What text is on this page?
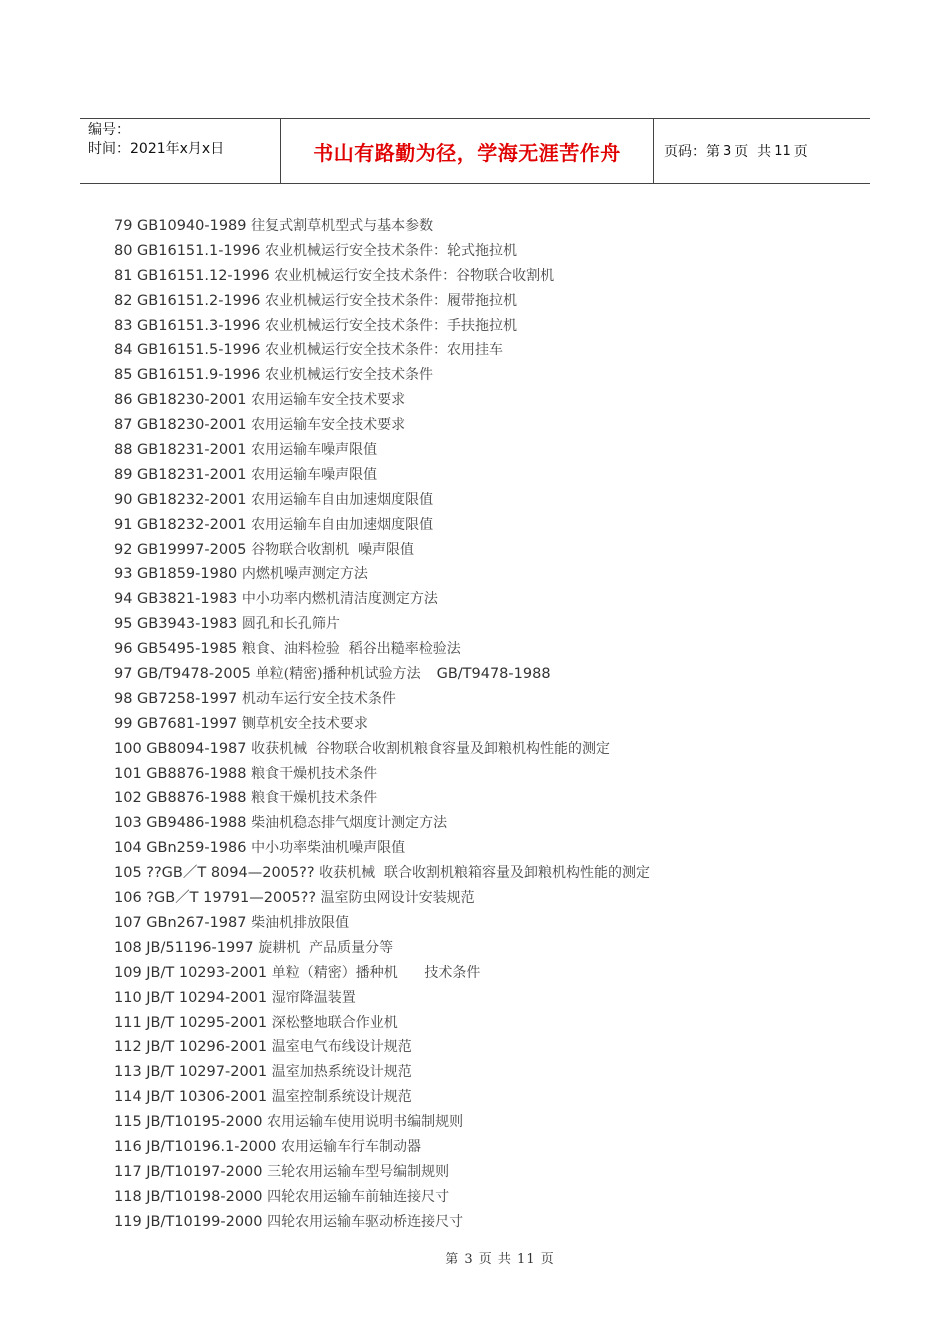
编号：
时间：2021年x月x日	书山有路勤为径，学海无涯苦作舟	页码：第 3 页  共 11 页
79 GB10940-1989 往复式割草机型式与基本参数
80 GB16151.1-1996 农业机械运行安全技术条件：轮式拖拉机
81 GB16151.12-1996 农业机械运行安全技术条件：谷物联合收割机
82 GB16151.2-1996 农业机械运行安全技术条件：履带拖拉机
83 GB16151.3-1996 农业机械运行安全技术条件：手扶拖拉机
84 GB16151.5-1996 农业机械运行安全技术条件：农用挂车
85 GB16151.9-1996 农业机械运行安全技术条件
86 GB18230-2001 农用运输车安全技术要求
87 GB18230-2001 农用运输车安全技术要求
88 GB18231-2001 农用运输车噪声限值
89 GB18231-2001 农用运输车噪声限值
90 GB18232-2001 农用运输车自由加速烟度限值
91 GB18232-2001 农用运输车自由加速烟度限值
92 GB19997-2005 谷物联合收割机  噪声限值
93 GB1859-1980 内燃机噪声测定方法
94 GB3821-1983 中小功率内燃机清洁度测定方法
95 GB3943-1983 圆孔和长孔筛片
96 GB5495-1985 粮食、油料检验  稻谷出糙率检验法
97 GB/T9478-2005 单粒(精密)播种机试验方法 GB/T9478-1988
98 GB7258-1997 机动车运行安全技术条件
99 GB7681-1997 铡草机安全技术要求
100 GB8094-1987 收获机械  谷物联合收割机粮食容量及卸粮机构性能的测定
101 GB8876-1988 粮食干燥机技术条件
102 GB8876-1988 粮食干燥机技术条件
103 GB9486-1988 柴油机稳态排气烟度计测定方法
104 GBn259-1986 中小功率柴油机噪声限值
105 ??GB／T 8094—2005?? 收获机械  联合收割机粮箱容量及卸粮机构性能的测定
106 ?GB／T 19791—2005?? 温室防虫网设计安装规范
107 GBn267-1987 柴油机排放限值
108 JB/51196-1997 旋耕机  产品质量分等
109 JB/T 10293-2001 单粒（精密）播种机      技术条件
110 JB/T 10294-2001 湿帘降温装置
111 JB/T 10295-2001 深松整地联合作业机
112 JB/T 10296-2001 温室电气布线设计规范
113 JB/T 10297-2001 温室加热系统设计规范
114 JB/T 10306-2001 温室控制系统设计规范
115 JB/T10195-2000 农用运输车使用说明书编制规则
116 JB/T10196.1-2000 农用运输车行车制动器
117 JB/T10197-2000 三轮农用运输车型号编制规则
118 JB/T10198-2000 四轮农用运输车前轴连接尺寸
119 JB/T10199-2000 四轮农用运输车驱动桥连接尺寸
第 3 页 共 11 页
